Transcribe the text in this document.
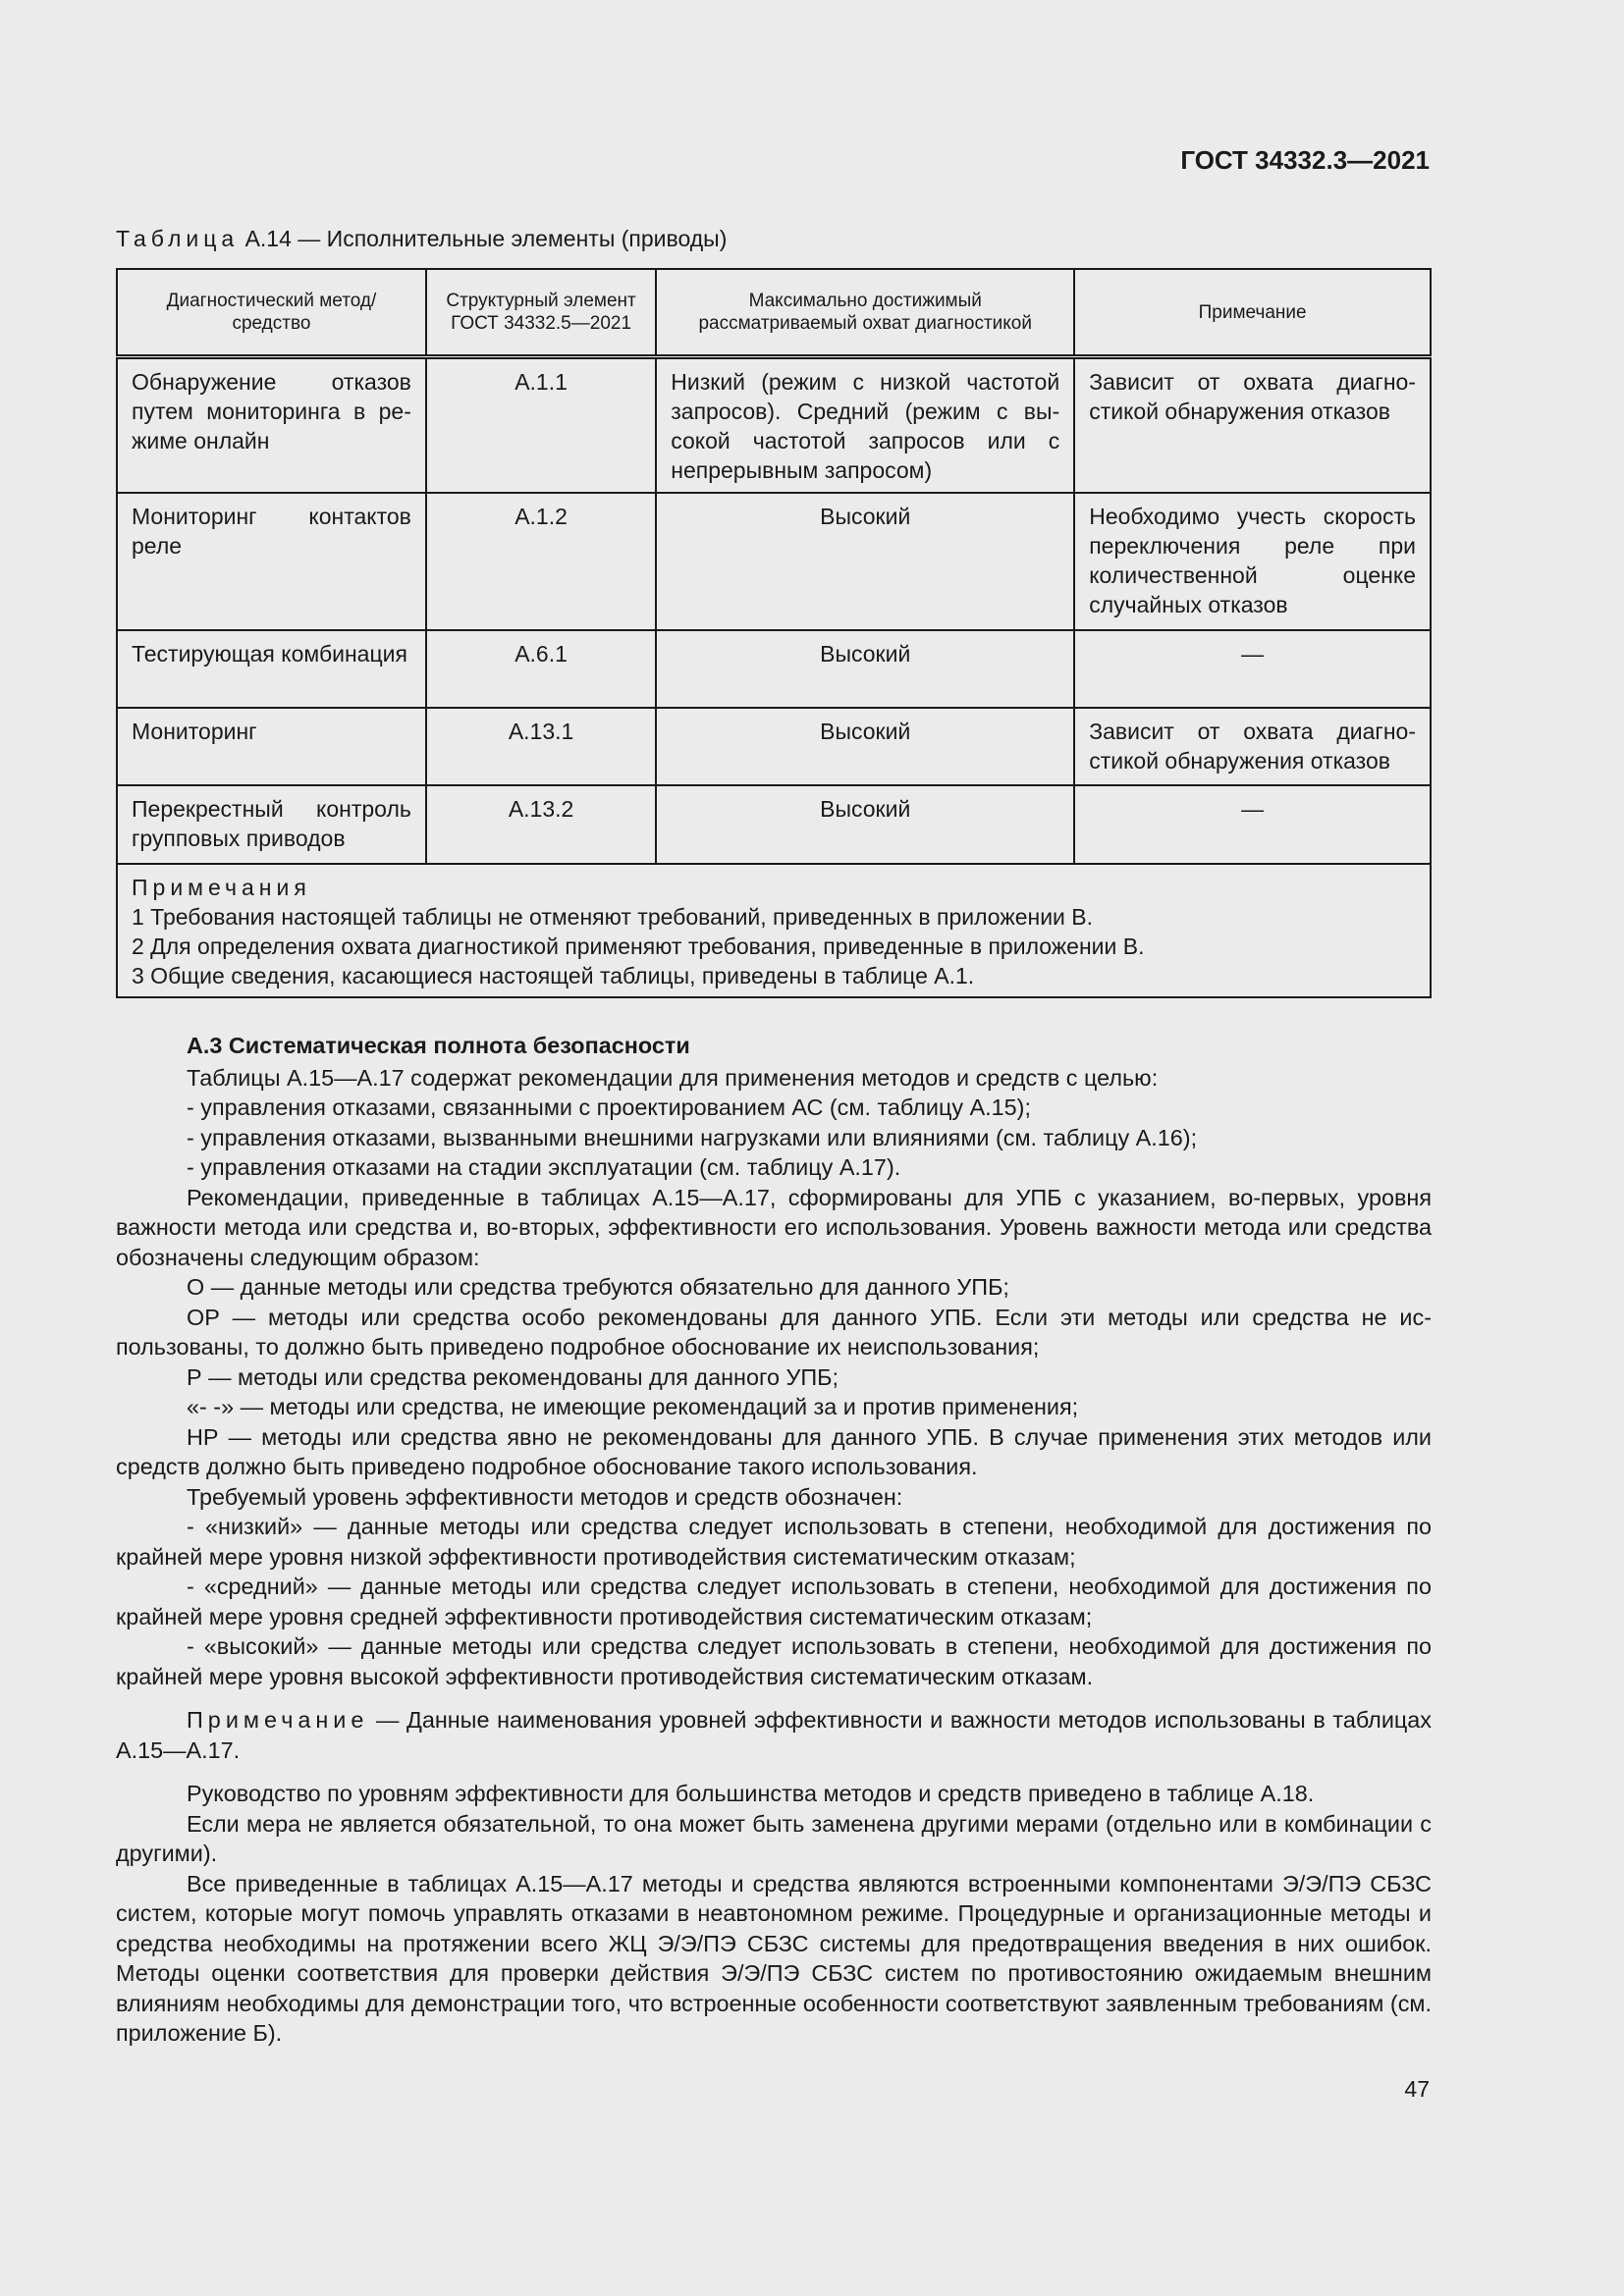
ГОСТ 34332.3—2021
Таблица А.14 — Исполнительные элементы (приводы)
Диагностический метод/ средство	Структурный элемент ГОСТ 34332.5—2021	Максимально достижимый рассматриваемый охват диагностикой	Примечание
Обнаружение отказов путем мониторинга в режиме онлайн	А.1.1	Низкий (режим с низкой частотой запросов). Средний (режим с высокой частотой запросов или с непрерывным запросом)	Зависит от охвата диагностикой обнаружения отказов
Мониторинг контактов реле	А.1.2	Высокий	Необходимо учесть скорость переключения реле при количественной оценке случайных отказов
Тестирующая комбинация	А.6.1	Высокий	—
Мониторинг	А.13.1	Высокий	Зависит от охвата диагностикой обнаружения отказов
Перекрестный контроль групповых приводов	А.13.2	Высокий	—

Примечания
1 Требования настоящей таблицы не отменяют требований, приведенных в приложении В.
2 Для определения охвата диагностикой применяют требования, приведенные в приложении В.
3 Общие сведения, касающиеся настоящей таблицы, приведены в таблице А.1.			

А.3 Систематическая полнота безопасности

Таблицы А.15—А.17 содержат рекомендации для применения методов и средств с целью:

- управления отказами, связанными с проектированием АС (см. таблицу А.15);

- управления отказами, вызванными внешними нагрузками или влияниями (см. таблицу А.16);

- управления отказами на стадии эксплуатации (см. таблицу А.17).

Рекомендации, приведенные в таблицах А.15—А.17, сформированы для УПБ с указанием, во-первых, уровня важности метода или средства и, во-вторых, эффективности его использования. Уровень важности метода или средства обозначены следующим образом:

О — данные методы или средства требуются обязательно для данного УПБ;

ОР — методы или средства особо рекомендованы для данного УПБ. Если эти методы или средства не использованы, то должно быть приведено подробное обоснование их неиспользования;

Р — методы или средства рекомендованы для данного УПБ;

«- -» — методы или средства, не имеющие рекомендаций за и против применения;

НР — методы или средства явно не рекомендованы для данного УПБ. В случае применения этих методов или средств должно быть приведено подробное обоснование такого использования.

Требуемый уровень эффективности методов и средств обозначен:

- «низкий» — данные методы или средства следует использовать в степени, необходимой для достижения по крайней мере уровня низкой эффективности противодействия систематическим отказам;

- «средний» — данные методы или средства следует использовать в степени, необходимой для достижения по крайней мере уровня средней эффективности противодействия систематическим отказам;

- «высокий» — данные методы или средства следует использовать в степени, необходимой для достижения по крайней мере уровня высокой эффективности противодействия систематическим отказам.

Примечание — Данные наименования уровней эффективности и важности методов использованы в таблицах А.15—А.17.

Руководство по уровням эффективности для большинства методов и средств приведено в таблице А.18.

Если мера не является обязательной, то она может быть заменена другими мерами (отдельно или в комбинации с другими).

Все приведенные в таблицах А.15—А.17 методы и средства являются встроенными компонентами Э/Э/ПЭ СБЗС систем, которые могут помочь управлять отказами в неавтономном режиме. Процедурные и организационные методы и средства необходимы на протяжении всего ЖЦ Э/Э/ПЭ СБЗС системы для предотвращения введения в них ошибок. Методы оценки соответствия для проверки действия Э/Э/ПЭ СБЗС систем по противостоянию ожидаемым внешним влияниям необходимы для демонстрации того, что встроенные особенности соответствуют заявленным требованиям (см. приложение Б).

47
